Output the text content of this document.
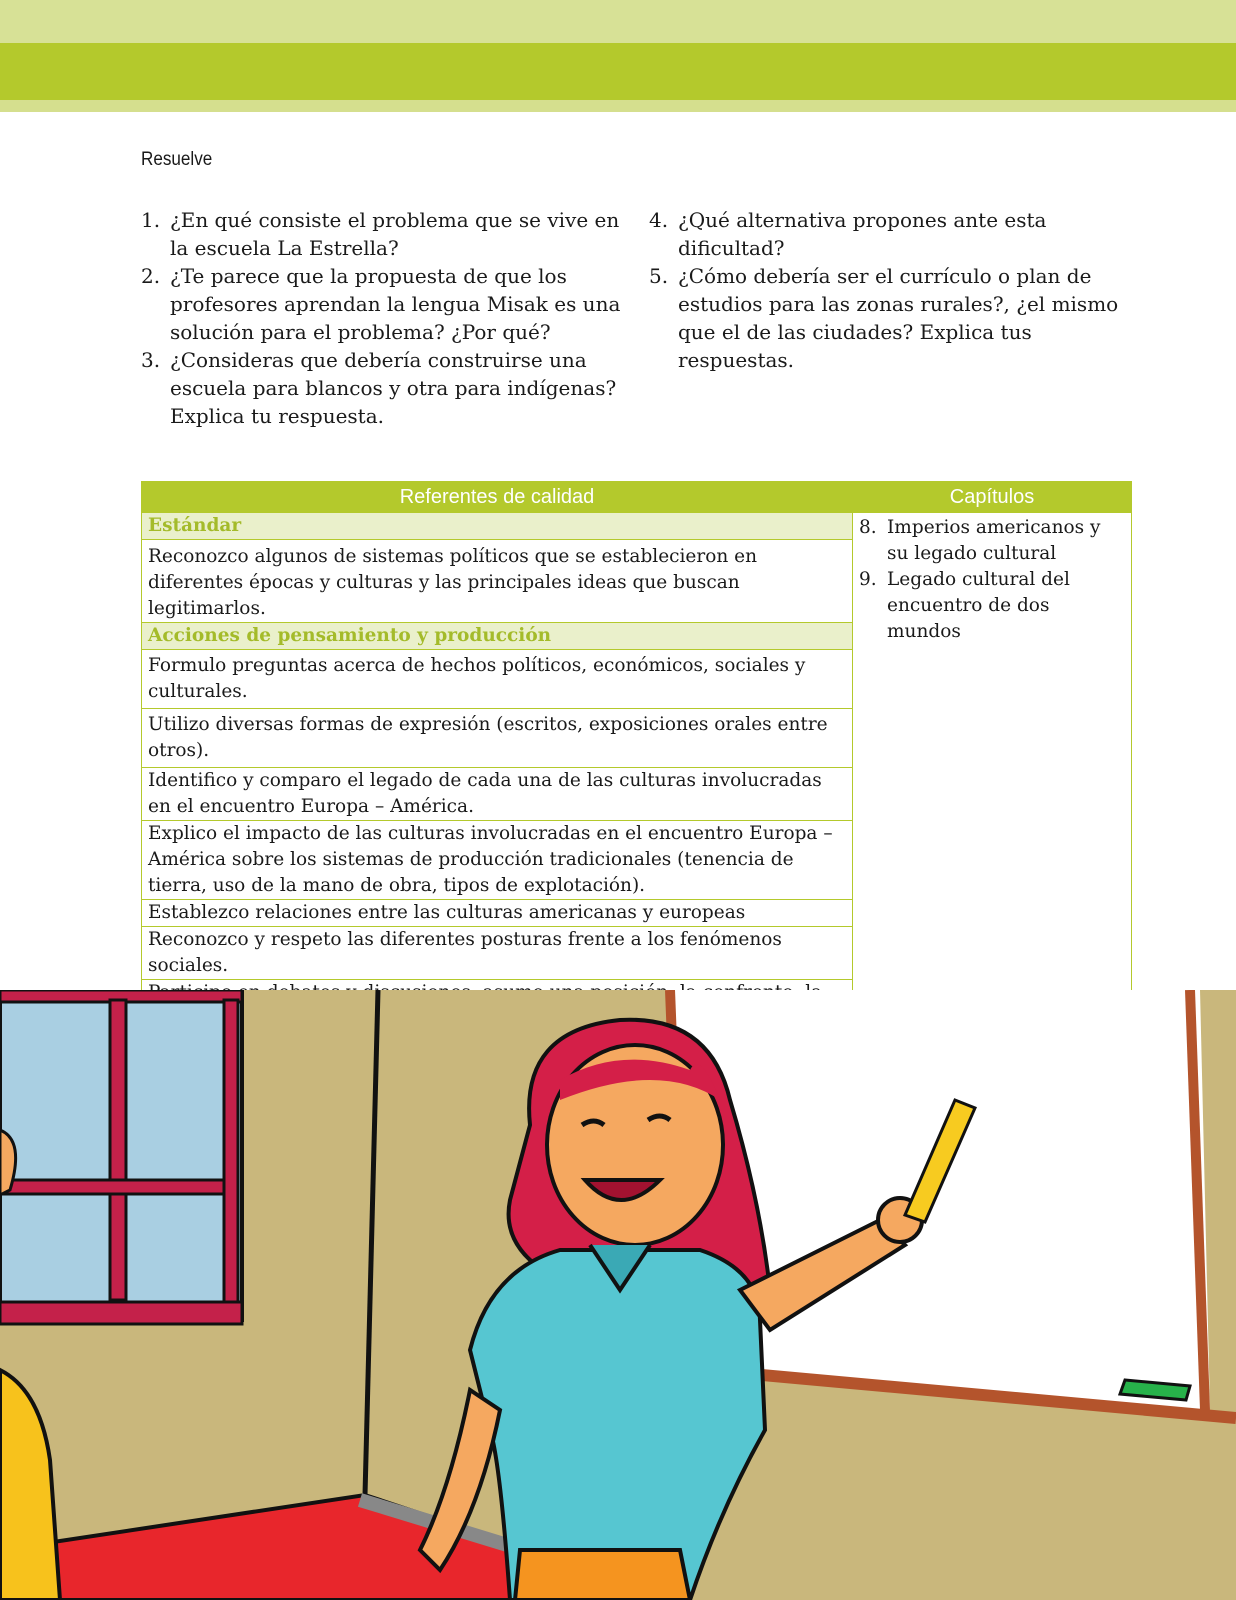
Resuelve
1. ¿En qué consiste el problema que se vive en la escuela La Estrella?
2. ¿Te parece que la propuesta de que los profesores aprendan la lengua Misak es una solución para el problema? ¿Por qué?
3. ¿Consideras que debería construirse una escuela para blancos y otra para indígenas? Explica tu respuesta.
4. ¿Qué alternativa propones ante esta dificultad?
5. ¿Cómo debería ser el currículo o plan de estudios para las zonas rurales?, ¿el mismo que el de las ciudades? Explica tus respuestas.
Referentes de calidad	Capítulos
Estándar	8. Imperios americanos y su legado cultural
9. Legado cultural del encuentro de dos mundos

Reconozco algunos de sistemas políticos que se establecieron en diferentes épocas y culturas y las principales ideas que buscan legitimarlos.	
Acciones de pensamiento y producción	
Formulo preguntas acerca de hechos políticos, económicos, sociales y culturales.	
Utilizo diversas formas de expresión (escritos, exposiciones orales entre otros).	
Identifico y comparo el legado de cada una de las culturas involucradas en el encuentro Europa – América.	
Explico el impacto de las culturas involucradas en el encuentro Europa – América sobre los sistemas de producción tradicionales (tenencia de tierra, uso de la mano de obra, tipos de explotación).	
Establezco relaciones entre las culturas americanas y europeas	
Reconozco y respeto las diferentes posturas frente a los fenómenos sociales.	
